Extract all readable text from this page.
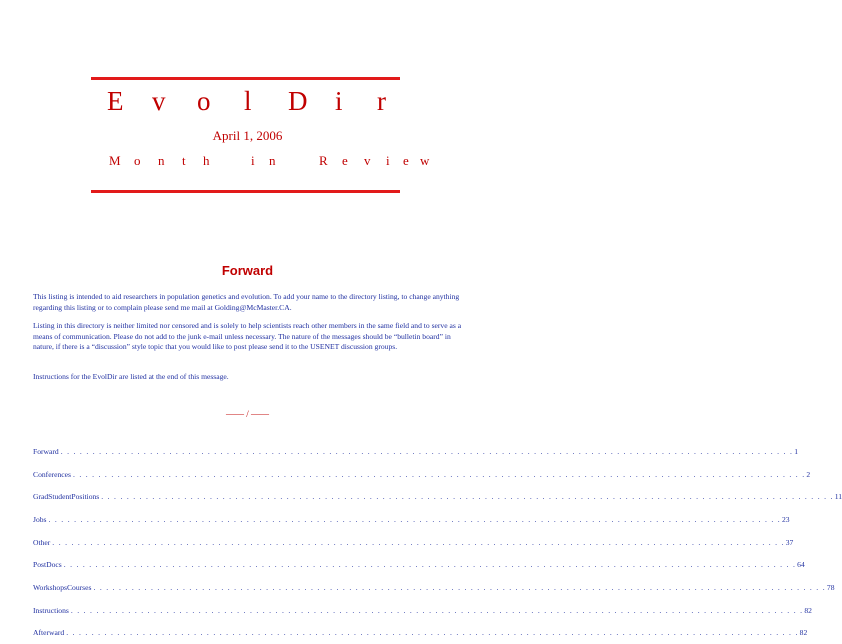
E v o l D i r
April 1, 2006
M o n t h	i n	R e v i e w
Forward
This listing is intended to aid researchers in population genetics and evolution. To add your name to the directory listing, to change anything regarding this listing or to complain please send me mail at Golding@McMaster.CA.
Listing in this directory is neither limited nor censored and is solely to help scientists reach other members in the same field and to serve as a means of communication. Please do not add to the junk e-mail unless necessary. The nature of the messages should be “bulletin board” in nature, if there is a “discussion” style topic that you would like to post please send it to the USENET discussion groups.
Instructions for the EvolDir are listed at the end of this message.
—— / ——
Forward . . . . . . . . . . . . . . . . . . . . . . . . . . . . . . . . . . . . . . . . . . . . . . . . . . . . . . . . . . . . . . . . . . . . . . . . . . . . . . . . . . . . . . . . . . . . . . . . . . . . . . . . . . . . . . . . . . . 1
Conferences . . . . . . . . . . . . . . . . . . . . . . . . . . . . . . . . . . . . . . . . . . . . . . . . . . . . . . . . . . . . . . . . . . . . . . . . . . . . . . . . . . . . . . . . . . . . . . . . . . . . . . . . . . . . . . . . . . . 2
GradStudentPositions . . . . . . . . . . . . . . . . . . . . . . . . . . . . . . . . . . . . . . . . . . . . . . . . . . . . . . . . . . . . . . . . . . . . . . . . . . . . . . . . . . . . . . . . . . . . . . . . . . . . . . . . . . . . . . . . . . . 11
Jobs . . . . . . . . . . . . . . . . . . . . . . . . . . . . . . . . . . . . . . . . . . . . . . . . . . . . . . . . . . . . . . . . . . . . . . . . . . . . . . . . . . . . . . . . . . . . . . . . . . . . . . . . . . . . . . . . . . . 23
Other . . . . . . . . . . . . . . . . . . . . . . . . . . . . . . . . . . . . . . . . . . . . . . . . . . . . . . . . . . . . . . . . . . . . . . . . . . . . . . . . . . . . . . . . . . . . . . . . . . . . . . . . . . . . . . . . . . . 37
PostDocs . . . . . . . . . . . . . . . . . . . . . . . . . . . . . . . . . . . . . . . . . . . . . . . . . . . . . . . . . . . . . . . . . . . . . . . . . . . . . . . . . . . . . . . . . . . . . . . . . . . . . . . . . . . . . . . . . . . 64
WorkshopsCourses . . . . . . . . . . . . . . . . . . . . . . . . . . . . . . . . . . . . . . . . . . . . . . . . . . . . . . . . . . . . . . . . . . . . . . . . . . . . . . . . . . . . . . . . . . . . . . . . . . . . . . . . . . . . . . . . . . . 78
Instructions . . . . . . . . . . . . . . . . . . . . . . . . . . . . . . . . . . . . . . . . . . . . . . . . . . . . . . . . . . . . . . . . . . . . . . . . . . . . . . . . . . . . . . . . . . . . . . . . . . . . . . . . . . . . . . . . . . . 82
Afterward . . . . . . . . . . . . . . . . . . . . . . . . . . . . . . . . . . . . . . . . . . . . . . . . . . . . . . . . . . . . . . . . . . . . . . . . . . . . . . . . . . . . . . . . . . . . . . . . . . . . . . . . . . . . . . . . . . . 82
